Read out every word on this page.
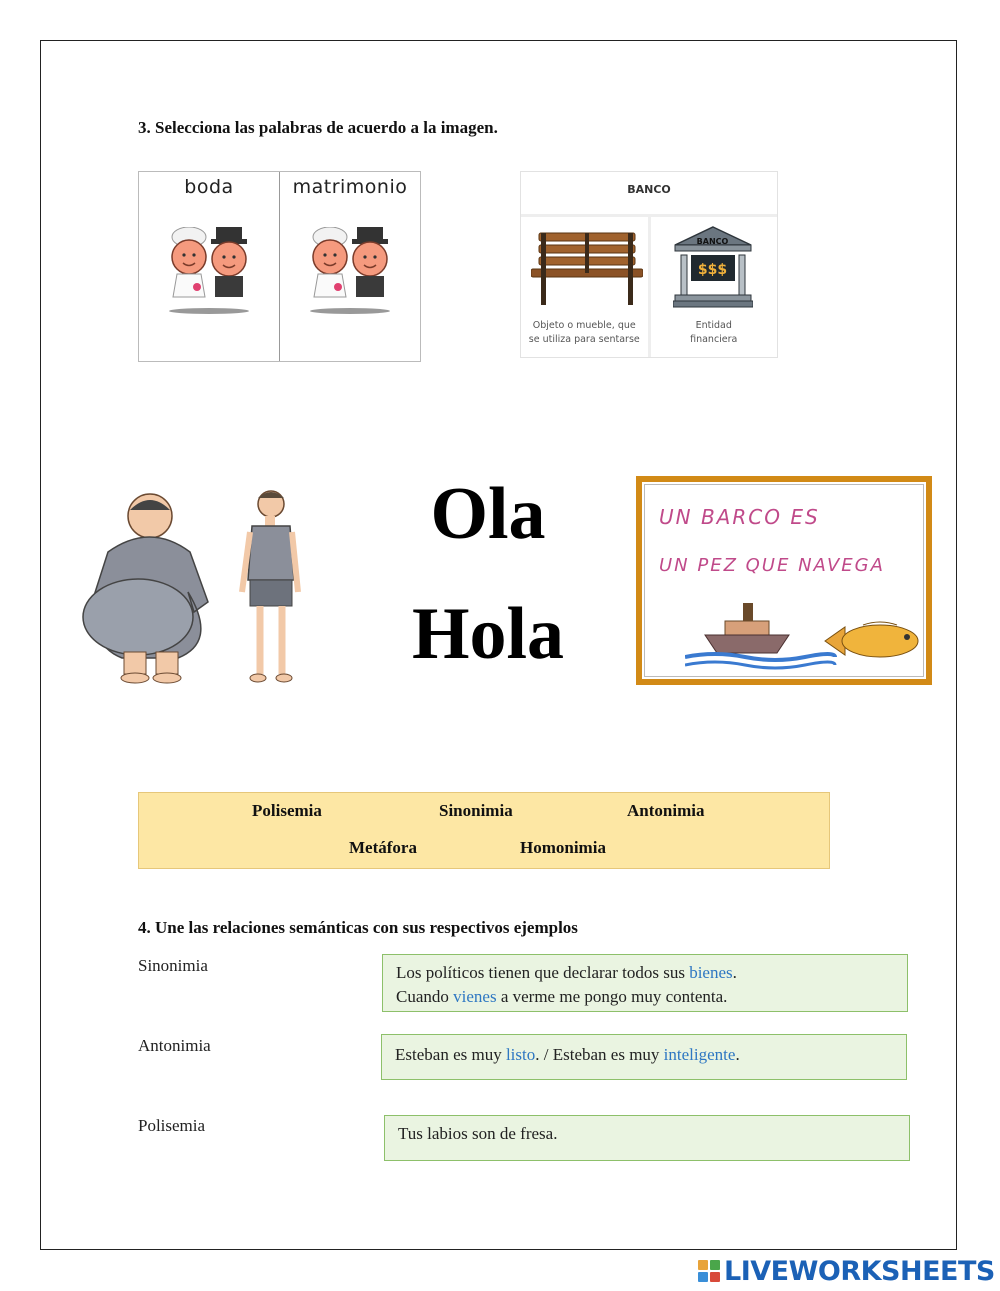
3. Selecciona las palabras de acuerdo a la imagen.
boda	matrimonio	BANCO
Objeto o mueble, que
se utiliza para sentarse
BANCO
$$$
Entidad
financiera
Ola
Hola
UN BARCO ES
UN PEZ QUE NAVEGA
Polisemia	Sinonimia	Antonimia
Metáfora	Homonimia
4. Une las relaciones semánticas con sus respectivos ejemplos
Sinonimia
Antonimia
Polisemia
Los políticos tienen que declarar todos sus bienes.
Cuando vienes a verme me pongo muy contenta.
Esteban es muy listo. / Esteban es muy inteligente.
Tus labios son de fresa.
LIVEWORKSHEETS
